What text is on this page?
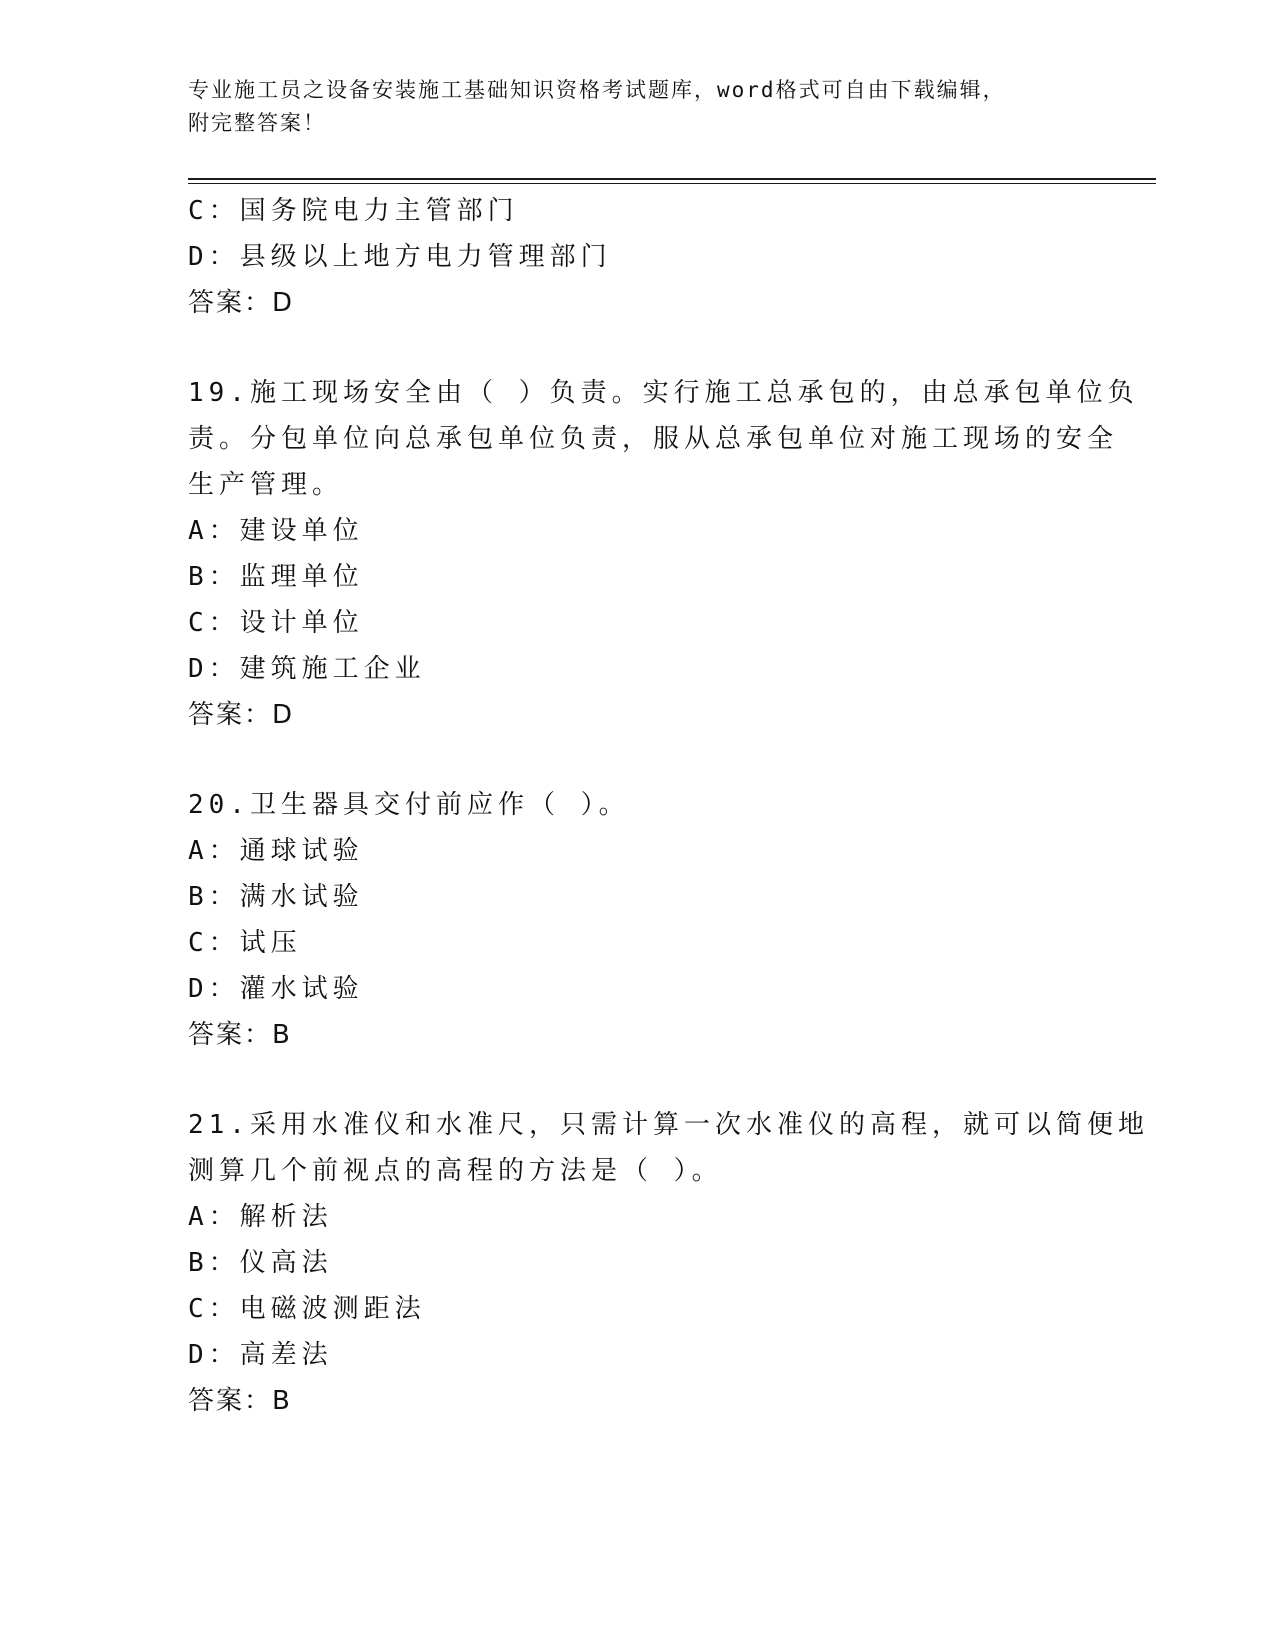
专业施工员之设备安装施工基础知识资格考试题库，word格式可自由下载编辑，
附完整答案！
C：国务院电力主管部门
D：县级以上地方电力管理部门
答案：D
19.施工现场安全由（ ）负责。实行施工总承包的，由总承包单位负
责。分包单位向总承包单位负责，服从总承包单位对施工现场的安全
生产管理。
A：建设单位
B：监理单位
C：设计单位
D：建筑施工企业
答案：D
20.卫生器具交付前应作（ ）。
A：通球试验
B：满水试验
C：试压
D：灌水试验
答案：B
21.采用水准仪和水准尺，只需计算一次水准仪的高程，就可以简便地
测算几个前视点的高程的方法是（ ）。
A：解析法
B：仪高法
C：电磁波测距法
D：高差法
答案：B
